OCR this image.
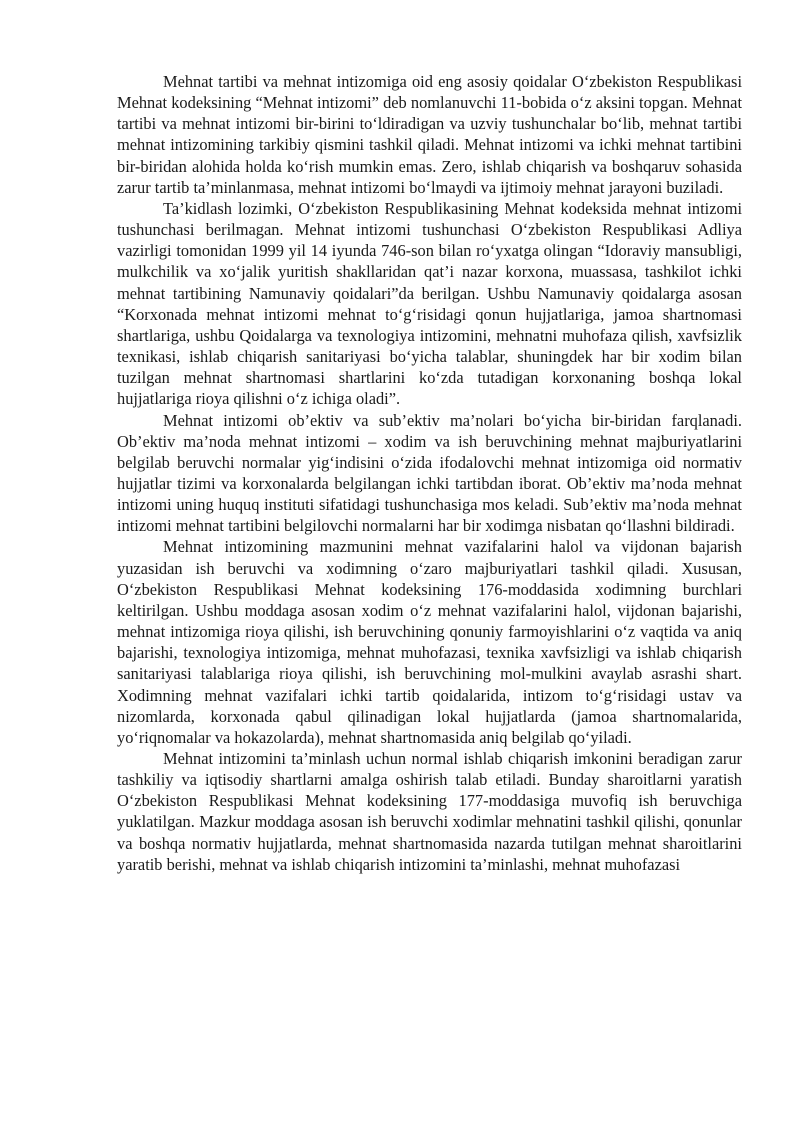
Mehnat tartibi va mehnat intizomiga oid eng asosiy qoidalar O‘zbekiston Respublikasi Mehnat kodeksining “Mehnat intizomi” deb nomlanuvchi 11-bobida o‘z aksini topgan. Mehnat tartibi va mehnat intizomi bir-birini to‘ldiradigan va uzviy tushunchalar bo‘lib, mehnat tartibi mehnat intizomining tarkibiy qismini tashkil qiladi. Mehnat intizomi va ichki mehnat tartibini bir-biridan alohida holda ko‘rish mumkin emas. Zero, ishlab chiqarish va boshqaruv sohasida zarur tartib ta’minlanmasa, mehnat intizomi bo‘lmaydi va ijtimoiy mehnat jarayoni buziladi.

Ta’kidlash lozimki, O‘zbekiston Respublikasining Mehnat kodeksida mehnat intizomi tushunchasi berilmagan. Mehnat intizomi tushunchasi O‘zbekiston Respublikasi Adliya vazirligi tomonidan 1999 yil 14 iyunda 746-son bilan ro‘yxatga olingan “Idoraviy mansubligi, mulkchilik va xo‘jalik yuritish shakllaridan qat’i nazar korxona, muassasa, tashkilot ichki mehnat tartibining Namunaviy qoidalari”da berilgan. Ushbu Namunaviy qoidalarga asosan “Korxonada mehnat intizomi mehnat to‘g‘risidagi qonun hujjatlariga, jamoa shartnomasi shartlariga, ushbu Qoidalarga va texnologiya intizomini, mehnatni muhofaza qilish, xavfsizlik texnikasi, ishlab chiqarish sanitariyasi bo‘yicha talablar, shuningdek har bir xodim bilan tuzilgan mehnat shartnomasi shartlarini ko‘zda tutadigan korxonaning boshqa lokal hujjatlariga rioya qilishni o‘z ichiga oladi”.

Mehnat intizomi ob’ektiv va sub’ektiv ma’nolari bo‘yicha bir-biridan farqlanadi. Ob’ektiv ma’noda mehnat intizomi – xodim va ish beruvchining mehnat majburiyatlarini belgilab beruvchi normalar yig‘indisini o‘zida ifodalovchi mehnat intizomiga oid normativ hujjatlar tizimi va korxonalarda belgilangan ichki tartibdan iborat. Ob’ektiv ma’noda mehnat intizomi uning huquq instituti sifatidagi tushunchasiga mos keladi. Sub’ektiv ma’noda mehnat intizomi mehnat tartibini belgilovchi normalarni har bir xodimga nisbatan qo‘llashni bildiradi.

Mehnat intizomining mazmunini mehnat vazifalarini halol va vijdonan bajarish yuzasidan ish beruvchi va xodimning o‘zaro majburiyatlari tashkil qiladi. Xususan, O‘zbekiston Respublikasi Mehnat kodeksining 176-moddasida xodimning burchlari keltirilgan. Ushbu moddaga asosan xodim o‘z mehnat vazifalarini halol, vijdonan bajarishi, mehnat intizomiga rioya qilishi, ish beruvchining qonuniy farmoyishlarini o‘z vaqtida va aniq bajarishi, texnologiya intizomiga, mehnat muhofazasi, texnika xavfsizligi va ishlab chiqarish sanitariyasi talablariga rioya qilishi, ish beruvchining mol-mulkini avaylab asrashi shart. Xodimning mehnat vazifalari ichki tartib qoidalarida, intizom to‘g‘risidagi ustav va nizomlarda, korxonada qabul qilinadigan lokal hujjatlarda (jamoa shartnomalarida, yo‘riqnomalar va hokazolarda), mehnat shartnomasida aniq belgilab qo‘yiladi.

Mehnat intizomini ta’minlash uchun normal ishlab chiqarish imkonini beradigan zarur tashkiliy va iqtisodiy shartlarni amalga oshirish talab etiladi. Bunday sharoitlarni yaratish O‘zbekiston Respublikasi Mehnat kodeksining 177-moddasiga muvofiq ish beruvchiga yuklatilgan. Mazkur moddaga asosan ish beruvchi xodimlar mehnatini tashkil qilishi, qonunlar va boshqa normativ hujjatlarda, mehnat shartnomasida nazarda tutilgan mehnat sharoitlarini yaratib berishi, mehnat va ishlab chiqarish intizomini ta’minlashi, mehnat muhofazasi
